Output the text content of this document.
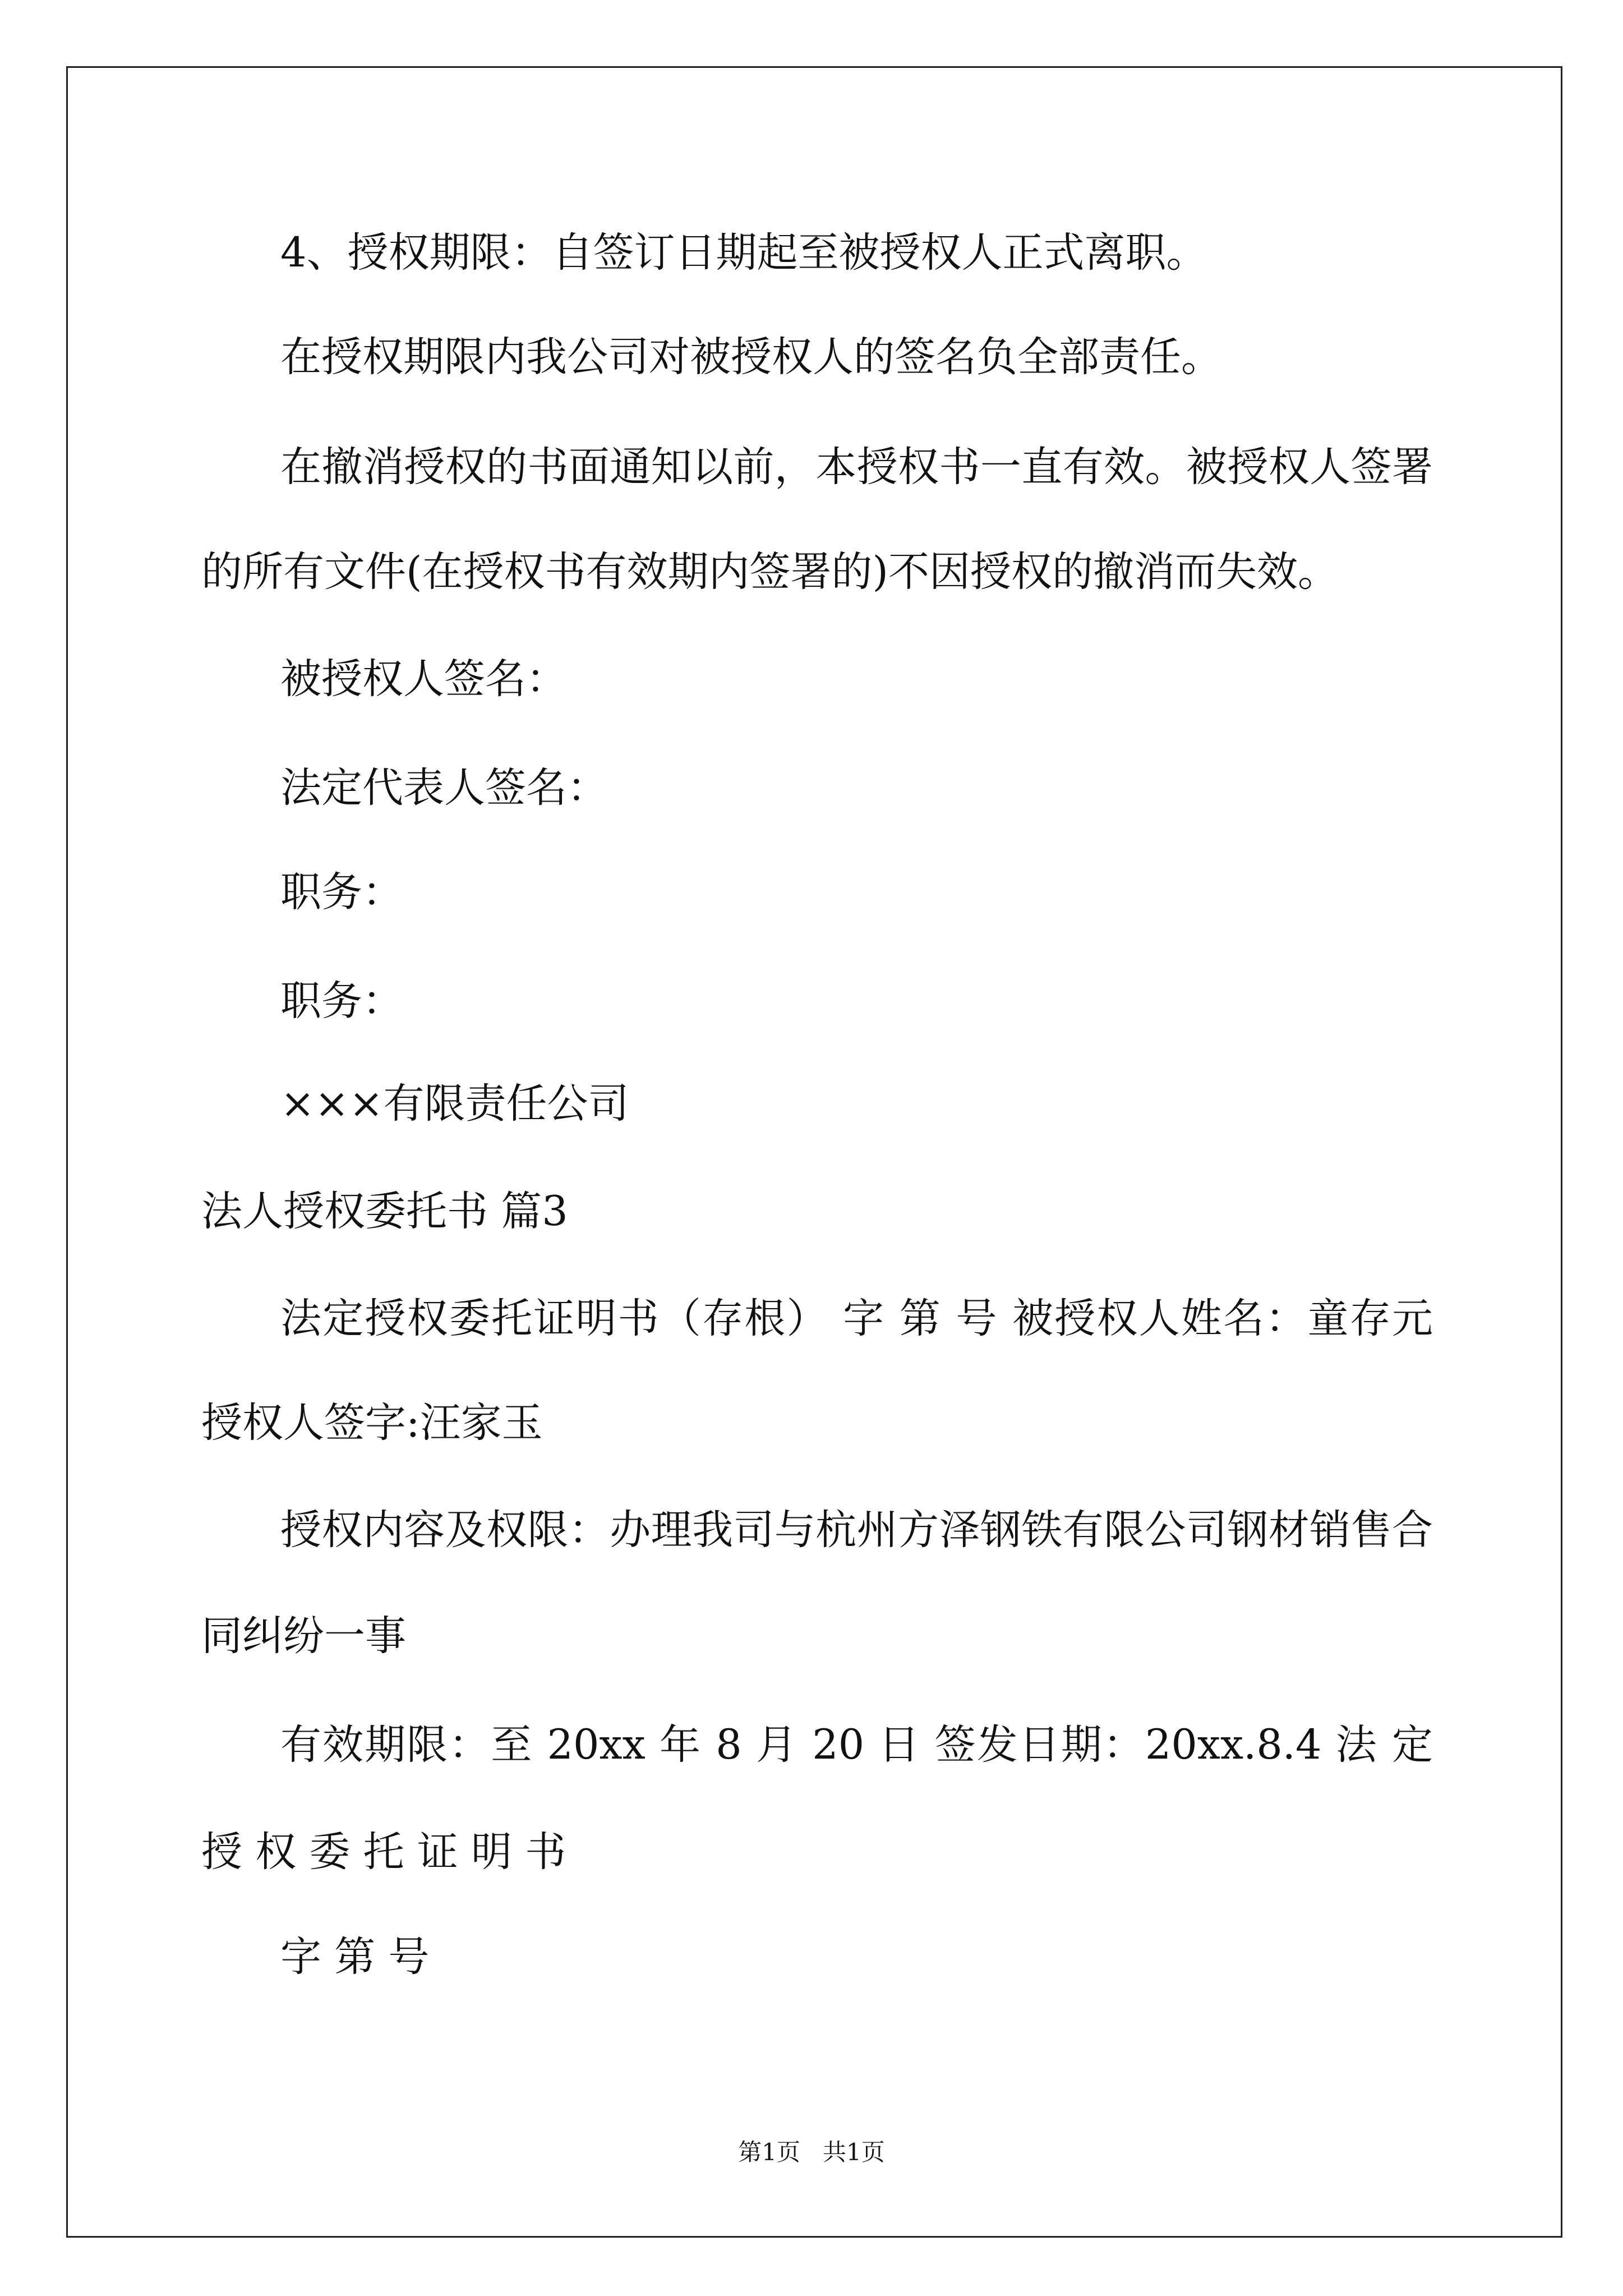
4、授权期限：自签订日期起至被授权人正式离职。
在授权期限内我公司对被授权人的签名负全部责任。
在撤消授权的书面通知以前，本授权书一直有效。被授权人签署
的所有文件(在授权书有效期内签署的)不因授权的撤消而失效。
被授权人签名：
法定代表人签名：
职务：
职务：
×××有限责任公司
法人授权委托书 篇3
法定授权委托证明书（存根） 字 第 号 被授权人姓名：童存元
授权人签字:汪家玉
授权内容及权限：办理我司与杭州方泽钢铁有限公司钢材销售合
同纠纷一事
有效期限：至 20xx 年 8 月 20 日 签发日期：20xx.8.4 法 定
授 权 委 托 证 明 书
字 第 号
第1页   共1页
